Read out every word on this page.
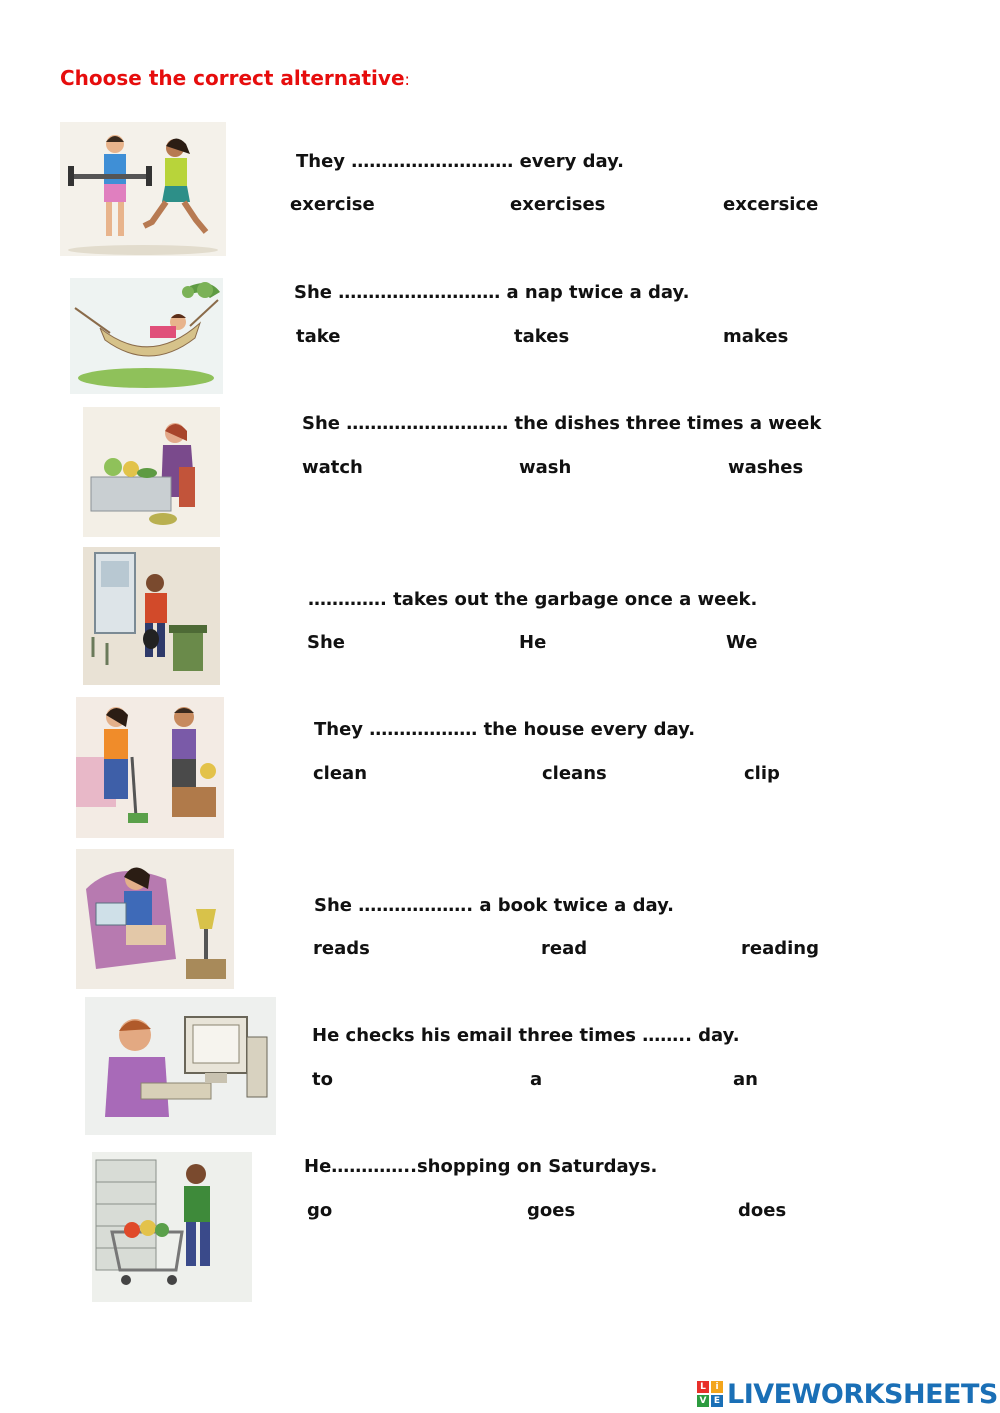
Choose the correct alternative:
They ……………………… every day.
exercise	exercises	excersice
She ……………………… a nap twice a day.
take	takes	makes
She ……………………… the dishes three times a week
watch	wash	washes
…………. takes out the garbage once a week.
She	He	We
They ……………… the house every day.
clean	cleans	clip
She ………………. a book twice a day.
reads	read	reading
He checks his email three times …….. day.
to	a	an
He…………..shopping on Saturdays.
go	goes	does
L	i
V E LIVEWORKSHEETS
